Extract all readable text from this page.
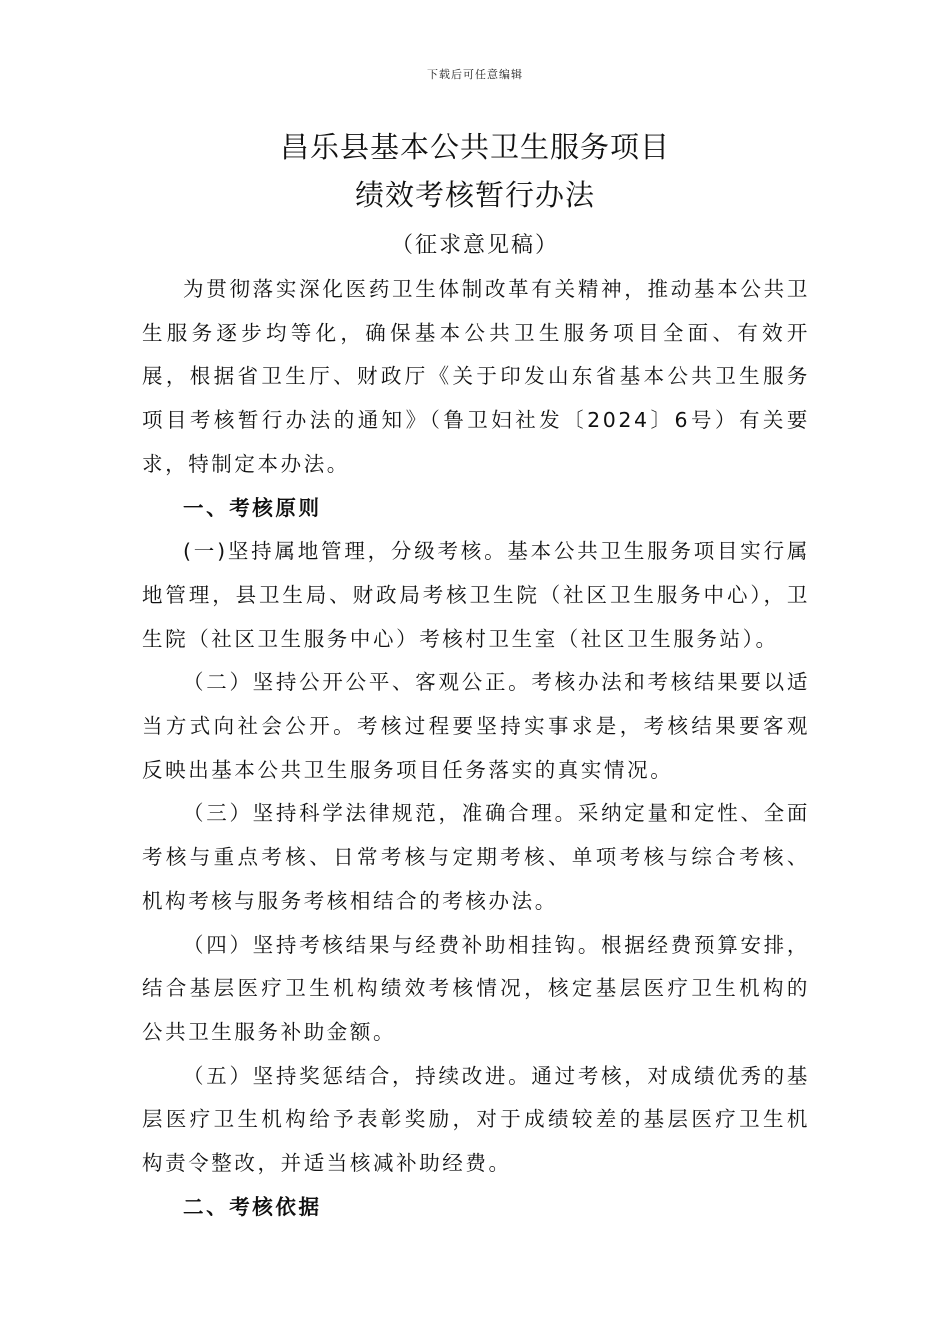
下载后可任意编辑
昌乐县基本公共卫生服务项目
绩效考核暂行办法
（征求意见稿）

为贯彻落实深化医药卫生体制改革有关精神，推动基本公共卫生服务逐步均等化，确保基本公共卫生服务项目全面、有效开展，根据省卫生厅、财政厅《关于印发山东省基本公共卫生服务项目考核暂行办法的通知》（鲁卫妇社发〔2024〕6号）有关要求，特制定本办法。

一、考核原则

(一)坚持属地管理，分级考核。基本公共卫生服务项目实行属地管理，县卫生局、财政局考核卫生院（社区卫生服务中心），卫生院（社区卫生服务中心）考核村卫生室（社区卫生服务站）。

（二）坚持公开公平、客观公正。考核办法和考核结果要以适当方式向社会公开。考核过程要坚持实事求是，考核结果要客观反映出基本公共卫生服务项目任务落实的真实情况。

（三）坚持科学法律规范，准确合理。采纳定量和定性、全面考核与重点考核、日常考核与定期考核、单项考核与综合考核、机构考核与服务考核相结合的考核办法。

（四）坚持考核结果与经费补助相挂钩。根据经费预算安排，结合基层医疗卫生机构绩效考核情况，核定基层医疗卫生机构的公共卫生服务补助金额。

（五）坚持奖惩结合，持续改进。通过考核，对成绩优秀的基层医疗卫生机构给予表彰奖励，对于成绩较差的基层医疗卫生机构责令整改，并适当核减补助经费。

二、考核依据
